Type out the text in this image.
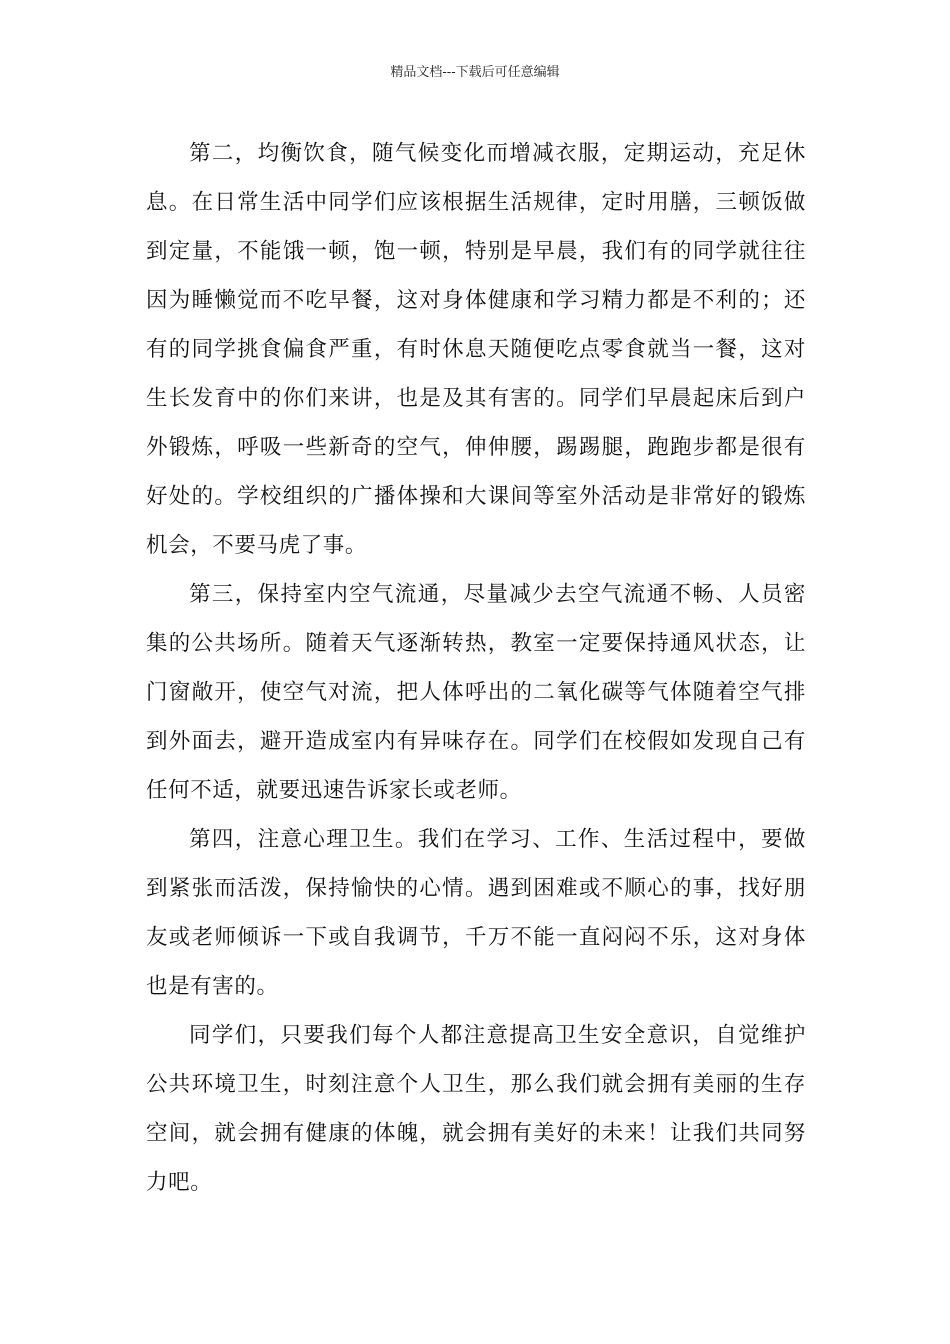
精品文档---下载后可任意编辑

第二，均衡饮食，随气候变化而增减衣服，定期运动，充足休息。在日常生活中同学们应该根据生活规律，定时用膳，三顿饭做到定量，不能饿一顿，饱一顿，特别是早晨，我们有的同学就往往因为睡懒觉而不吃早餐，这对身体健康和学习精力都是不利的；还有的同学挑食偏食严重，有时休息天随便吃点零食就当一餐，这对生长发育中的你们来讲，也是及其有害的。同学们早晨起床后到户外锻炼，呼吸一些新奇的空气，伸伸腰，踢踢腿，跑跑步都是很有好处的。学校组织的广播体操和大课间等室外活动是非常好的锻炼机会，不要马虎了事。

第三，保持室内空气流通，尽量减少去空气流通不畅、人员密集的公共场所。随着天气逐渐转热，教室一定要保持通风状态，让门窗敞开，使空气对流，把人体呼出的二氧化碳等气体随着空气排到外面去，避开造成室内有异味存在。同学们在校假如发现自己有任何不适，就要迅速告诉家长或老师。

第四，注意心理卫生。我们在学习、工作、生活过程中，要做到紧张而活泼，保持愉快的心情。遇到困难或不顺心的事，找好朋友或老师倾诉一下或自我调节，千万不能一直闷闷不乐，这对身体也是有害的。

同学们，只要我们每个人都注意提高卫生安全意识，自觉维护公共环境卫生，时刻注意个人卫生，那么我们就会拥有美丽的生存空间，就会拥有健康的体魄，就会拥有美好的未来！让我们共同努力吧。
